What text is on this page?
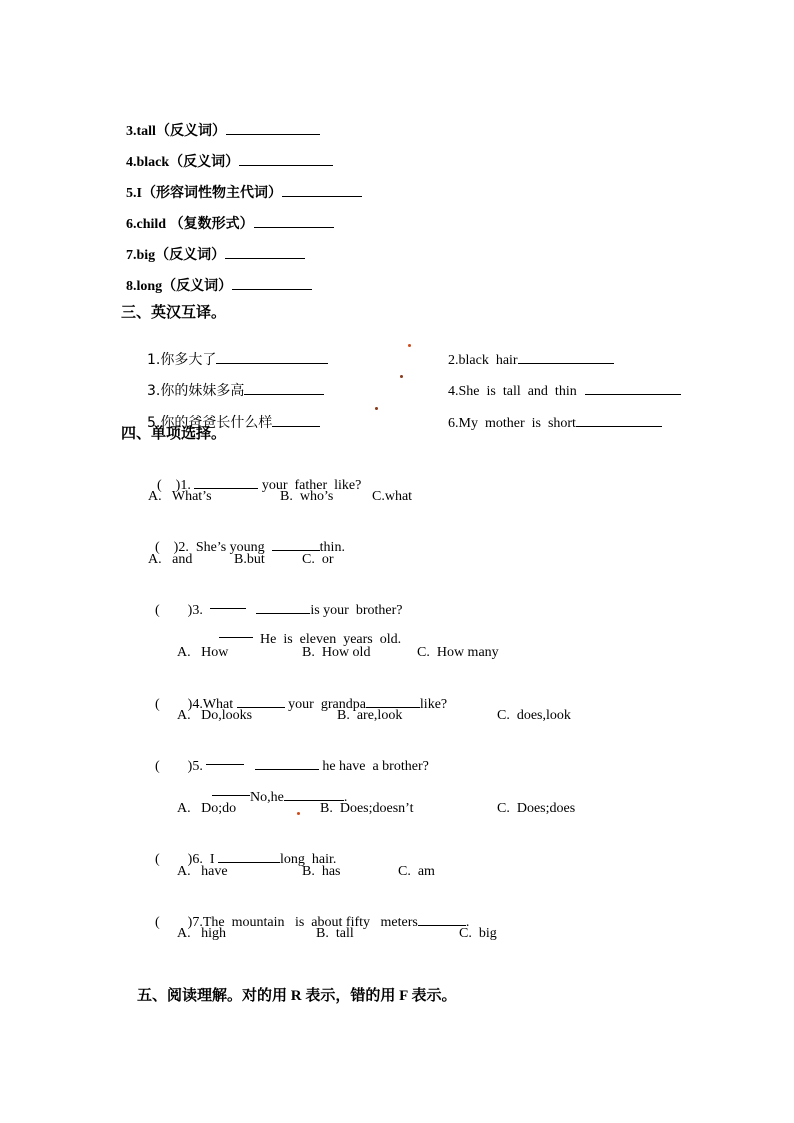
3.tall（反义词）

4.black（反义词）

5.I（形容词性物主代词）

6.child （复数形式）

7.big（反义词）

8.long（反义词）

三、英汉互译。

1.你多大了	2.black  hair

3.你的妹妹多高	4.She  is  tall  and  thin

5.你的爸爸长什么样	6.My  mother  is  short

四、单项选择。

(    )1.	your  father  like?

A.   What’s	B.  who’s	C.what

(    )2.  She’s young	thin.

A.   and	B.but	C.  or

(        )3.	is your  brother?

He  is  eleven  years  old.

A.   How	B.  How old	C.  How many

(        )4.What	your  grandpa	like?

A.   Do,looks	B.  are,look	C.  does,look

(        )5.	he have  a brother?

No,he	.

A.   Do;do	B.  Does;doesn’t	C.  Does;does

(        )6.  I	long  hair.

A.   have	B.  has	C.  am

(        )7.The  mountain   is  about fifty   meters	.

A.   high	B.  tall	C.  big
五、阅读理解。对的用 R 表示，错的用 F 表示。
